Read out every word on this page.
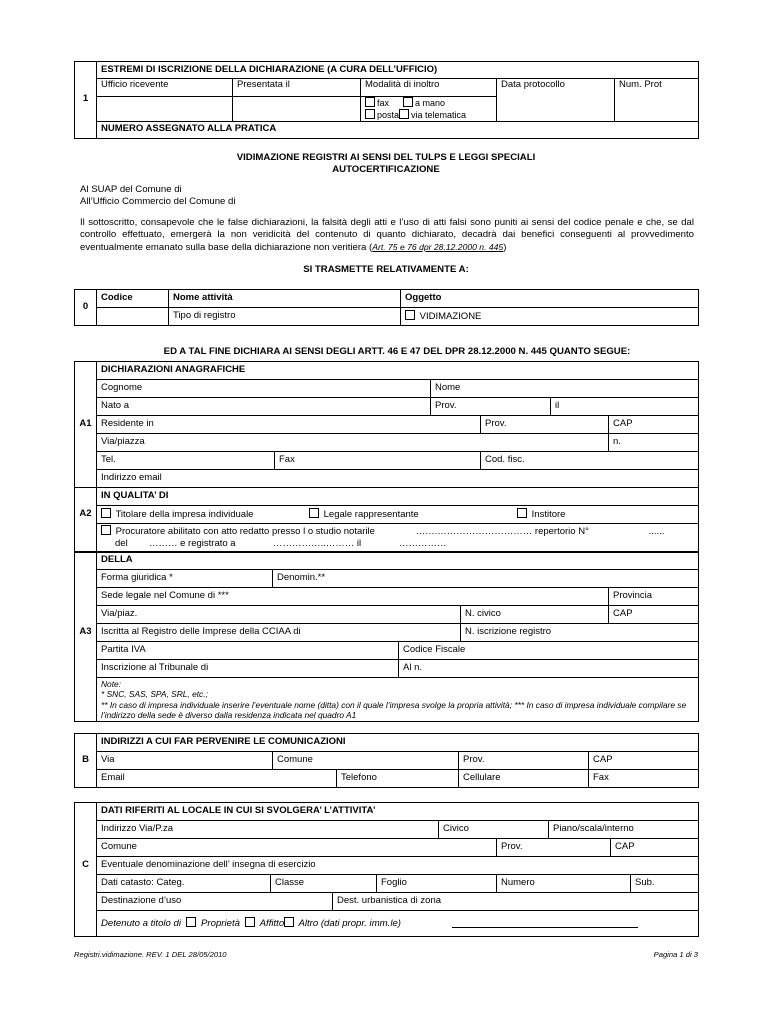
1	ESTREMI DI ISCRIZIONE DELLA DICHIARAZIONE (A CURA DELL’UFFICIO)				
	Ufficio ricevente	Presentata il	Modalità di inoltro	Data protocollo	Num. Prot

			fax a mano
posta via telematica		

	NUMERO ASSEGNATO ALLA PRATICA				
VIDIMAZIONE REGISTRI AI SENSI DEL TULPS E LEGGI SPECIALI
AUTOCERTIFICAZIONE
Al SUAP del Comune di
All’Ufficio Commercio del Comune di
Il sottoscritto, consapevole che le false dichiarazioni, la falsità degli atti e l’uso di atti falsi sono puniti ai sensi del codice penale e che, se dal controllo effettuato, emergerà la non veridicità del contenuto di quanto dichiarato, decadrà dai benefici conseguenti al provvedimento eventualmente emanato sulla base della dichiarazione non veritiera (Art. 75 e 76 dpr 28.12.2000 n. 445)
SI TRASMETTE RELATIVAMENTE A:
0	Codice	Nome attività	Oggetto
		Tipo di registro	VIDIMAZIONE
ED A TAL FINE DICHIARA AI SENSI DEGLI ARTT. 46 E 47 DEL DPR 28.12.2000 N. 445 QUANTO SEGUE:
	DICHIARAZIONI ANAGRAFICHE					
	Cognome		Nome			
	Nato a		Prov.		il	
A1	Residente in			Prov.		CAP
	Via/piazza					n.
	Tel.	Fax		Cod. fisc.		
	Indirizzo email					
	IN QUALITA’ DI
A2	Titolare della impresa individuale Legale rappresentante Institore

	Procuratore abilitato con atto redatto presso l o studio notarile …….………………………… repertorio N° ......
del ……… e registrato a ……………..……… il ……………
	DELLA				
	Forma giuridica *	Denomin.**			
	Sede legale nel Comune di ***				Provincia
	Via/piaz.			N. civico	CAP
A3	Iscritta al Registro delle Imprese della CCIAA di			N. iscrizione registro	
	Partita IVA		Codice Fiscale		
	Inscrizione al Tribunale di		Al n.		

	Note:
* SNC, SAS, SPA, SRL, etc.;
** In caso di impresa individuale inserire l’eventuale nome (ditta) con il quale l’impresa svolge la propria attività; *** In caso di impresa individuale compilare se l’indirizzo della sede è diverso dalla residenza indicata nel quadro A1				
	INDIRIZZI A CUI FAR PERVENIRE LE COMUNICAZIONI				
B	Via	Comune		Prov.	CAP
	Email		Telefono	Cellulare	Fax
	DATI RIFERITI AL LOCALE IN CUI SI SVOLGERA’ L’ATTIVITA’								
	Indirizzo Via/P.za				Civico		Piano/scala/interno		
	Comune					Prov.		CAP	
C	Eventuale denominazione dell’ insegna di esercizio								
	Dati catasto: Categ.	Classe		Foglio		Numero			Sub.
	Destinazione d’uso		Dest. urbanistica di zona						
	Detenuto a titolo di Proprietà Affitto Altro (dati propr. imm.le)								
Registri.vidimazione. REV. 1 DEL 28/05/2010	Pagina 1 di 3
